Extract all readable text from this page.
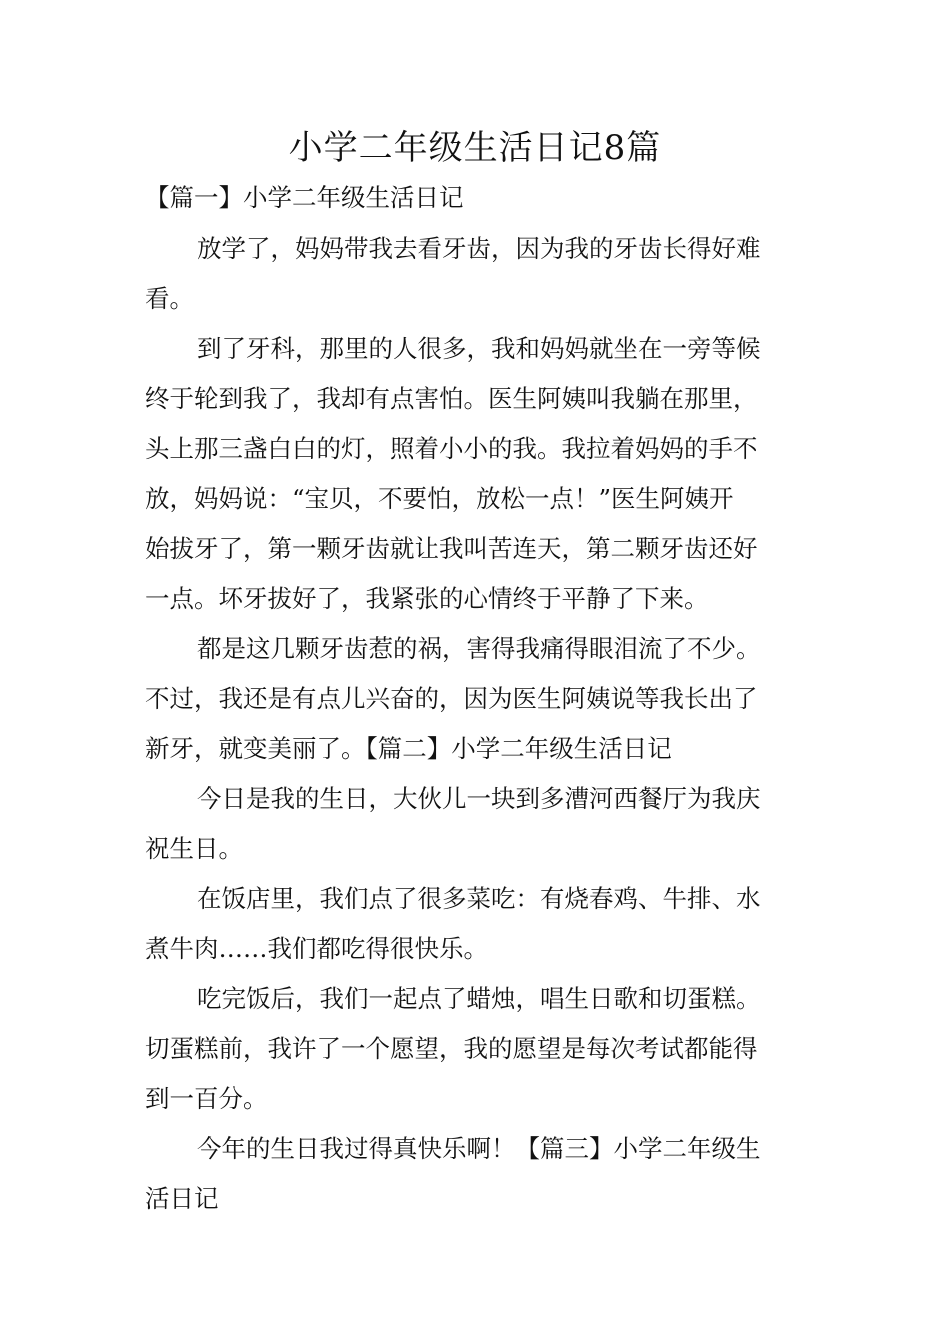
小学二年级生活日记8篇
【篇一】小学二年级生活日记
放学了，妈妈带我去看牙齿，因为我的牙齿长得好难
看。
到了牙科，那里的人很多，我和妈妈就坐在一旁等候
终于轮到我了，我却有点害怕。医生阿姨叫我躺在那里，
头上那三盏白白的灯，照着小小的我。我拉着妈妈的手不
放，妈妈说：“宝贝，不要怕，放松一点！”医生阿姨开
始拔牙了，第一颗牙齿就让我叫苦连天，第二颗牙齿还好
一点。坏牙拔好了，我紧张的心情终于平静了下来。
都是这几颗牙齿惹的祸，害得我痛得眼泪流了不少。
不过，我还是有点儿兴奋的，因为医生阿姨说等我长出了
新牙，就变美丽了。【篇二】小学二年级生活日记
今日是我的生日，大伙儿一块到多漕河西餐厅为我庆
祝生日。
在饭店里，我们点了很多菜吃：有烧春鸡、牛排、水
煮牛肉……我们都吃得很快乐。
吃完饭后，我们一起点了蜡烛，唱生日歌和切蛋糕。
切蛋糕前，我许了一个愿望，我的愿望是每次考试都能得
到一百分。
今年的生日我过得真快乐啊！【篇三】小学二年级生
活日记
